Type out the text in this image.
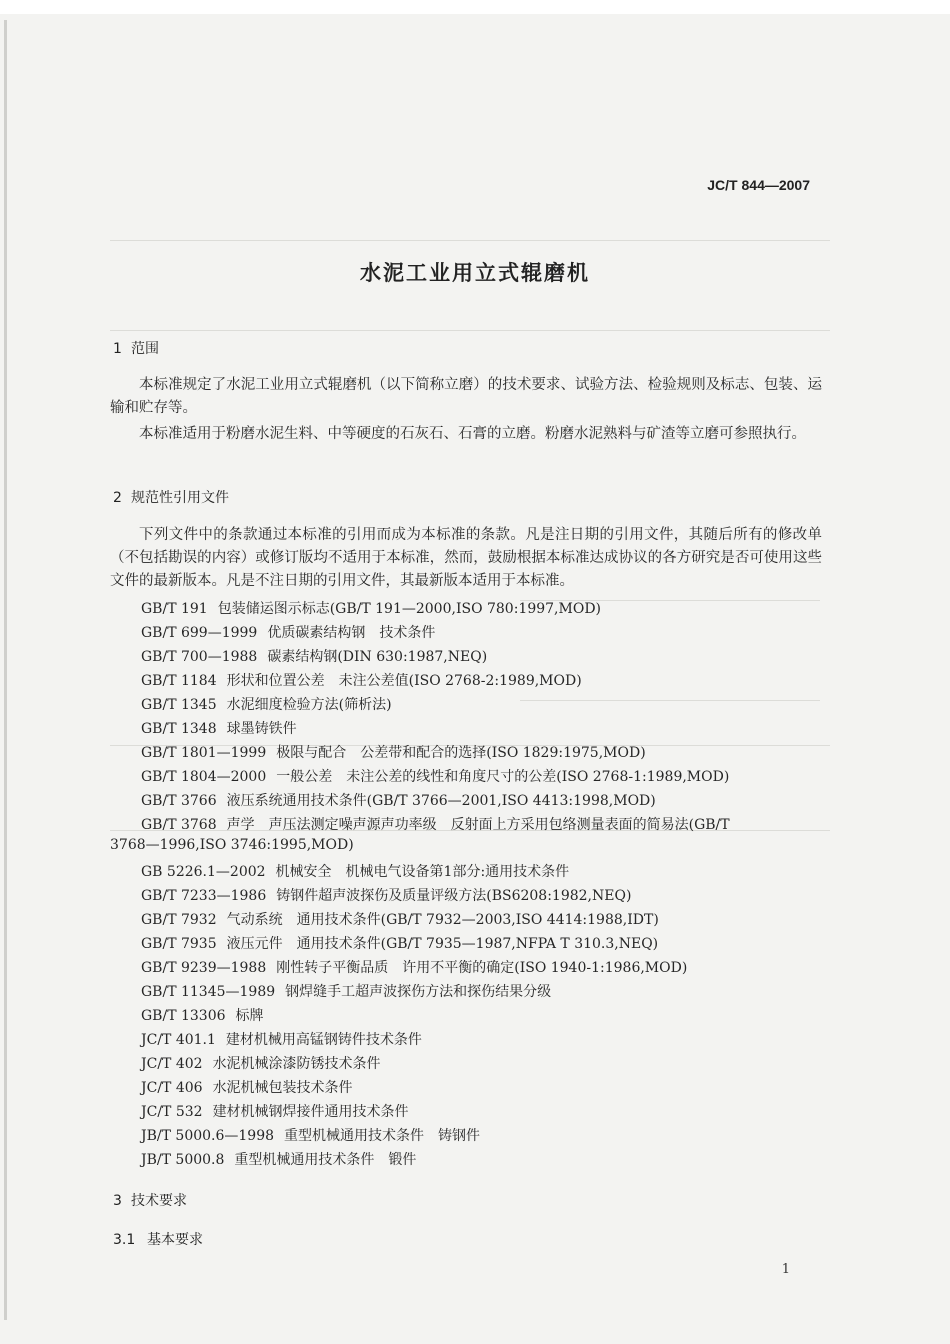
JC/T 844—2007
水泥工业用立式辊磨机
1 范围
本标准规定了水泥工业用立式辊磨机（以下简称立磨）的技术要求、试验方法、检验规则及标志、包装、运输和贮存等。
本标准适用于粉磨水泥生料、中等硬度的石灰石、石膏的立磨。粉磨水泥熟料与矿渣等立磨可参照执行。
2 规范性引用文件
下列文件中的条款通过本标准的引用而成为本标准的条款。凡是注日期的引用文件，其随后所有的修改单（不包括勘误的内容）或修订版均不适用于本标准，然而，鼓励根据本标准达成协议的各方研究是否可使用这些文件的最新版本。凡是不注日期的引用文件，其最新版本适用于本标准。
GB/T 191 包装储运图示标志(GB/T 191—2000,ISO 780:1997,MOD)
GB/T 699—1999 优质碳素结构钢　技术条件
GB/T 700—1988 碳素结构钢(DIN 630:1987,NEQ)
GB/T 1184 形状和位置公差　未注公差值(ISO 2768-2:1989,MOD)
GB/T 1345 水泥细度检验方法(筛析法)
GB/T 1348 球墨铸铁件
GB/T 1801—1999 极限与配合　公差带和配合的选择(ISO 1829:1975,MOD)
GB/T 1804—2000 一般公差　未注公差的线性和角度尺寸的公差(ISO 2768-1:1989,MOD)
GB/T 3766 液压系统通用技术条件(GB/T 3766—2001,ISO 4413:1998,MOD)
GB/T 3768 声学　声压法测定噪声源声功率级　反射面上方采用包络测量表面的简易法(GB/T
3768—1996,ISO 3746:1995,MOD)
GB 5226.1—2002 机械安全　机械电气设备第1部分:通用技术条件
GB/T 7233—1986 铸钢件超声波探伤及质量评级方法(BS6208:1982,NEQ)
GB/T 7932 气动系统　通用技术条件(GB/T 7932—2003,ISO 4414:1988,IDT)
GB/T 7935 液压元件　通用技术条件(GB/T 7935—1987,NFPA T 310.3,NEQ)
GB/T 9239—1988 刚性转子平衡品质　许用不平衡的确定(ISO 1940-1:1986,MOD)
GB/T 11345—1989 钢焊缝手工超声波探伤方法和探伤结果分级
GB/T 13306 标牌
JC/T 401.1 建材机械用高锰钢铸件技术条件
JC/T 402 水泥机械涂漆防锈技术条件
JC/T 406 水泥机械包装技术条件
JC/T 532 建材机械钢焊接件通用技术条件
JB/T 5000.6—1998 重型机械通用技术条件　铸钢件
JB/T 5000.8 重型机械通用技术条件　锻件
3 技术要求
3.1 基本要求
1
